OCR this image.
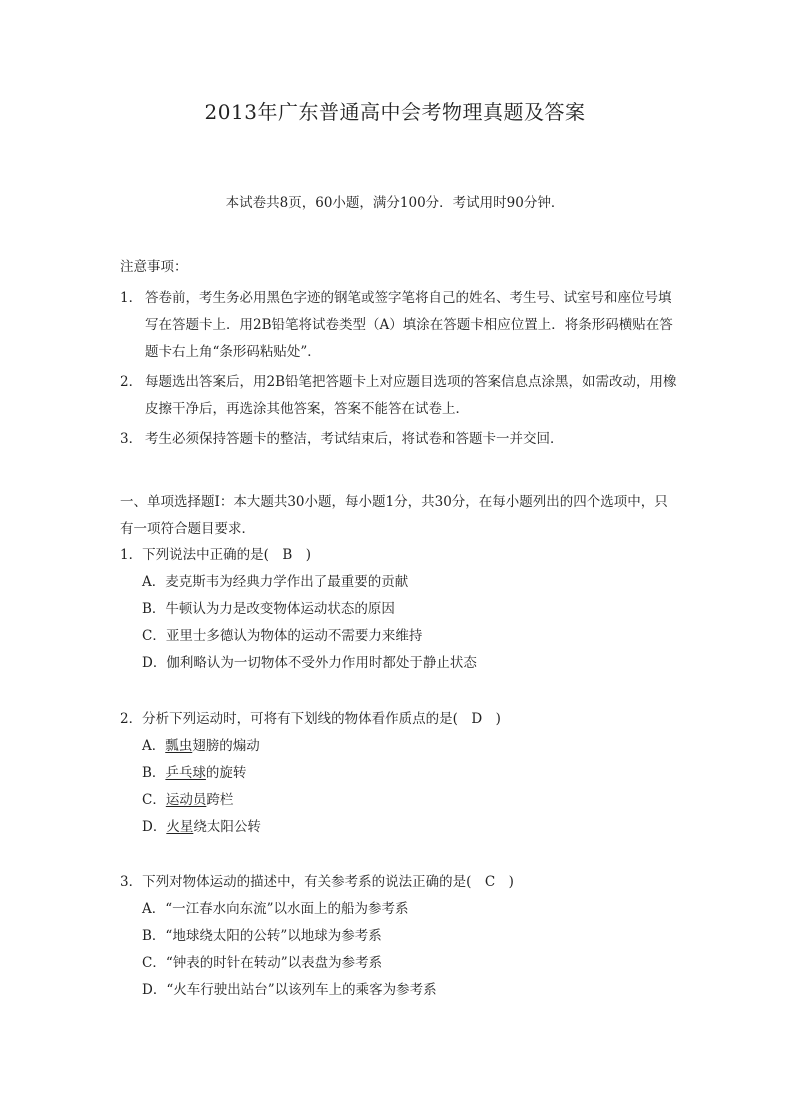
2013年广东普通高中会考物理真题及答案
本试卷共8页，60小题，满分100分．考试用时90分钟．
注意事项：
1． 答卷前，考生务必用黑色字迹的钢笔或签字笔将自己的姓名、考生号、试室号和座位号填写在答题卡上．用2B铅笔将试卷类型（A）填涂在答题卡相应位置上．将条形码横贴在答题卡右上角“条形码粘贴处”．
2． 每题选出答案后，用2B铅笔把答题卡上对应题目选项的答案信息点涂黑，如需改动，用橡皮擦干净后，再选涂其他答案，答案不能答在试卷上．
3． 考生必须保持答题卡的整洁，考试结束后，将试卷和答题卡一并交回．
一、单项选择题Ⅰ：本大题共30小题，每小题1分，共30分，在每小题列出的四个选项中，只有一项符合题目要求．
1．下列说法中正确的是(　B　)
A．麦克斯韦为经典力学作出了最重要的贡献
B．牛顿认为力是改变物体运动状态的原因
C．亚里士多德认为物体的运动不需要力来维持
D．伽利略认为一切物体不受外力作用时都处于静止状态
2．分析下列运动时，可将有下划线的物体看作质点的是(　D　)
A．瓢虫翅膀的煽动
B．乒乓球的旋转
C．运动员跨栏
D．火星绕太阳公转
3．下列对物体运动的描述中，有关参考系的说法正确的是(　C　)
A．“一江春水向东流”以水面上的船为参考系
B．“地球绕太阳的公转”以地球为参考系
C．“钟表的时针在转动”以表盘为参考系
D．“火车行驶出站台”以该列车上的乘客为参考系
